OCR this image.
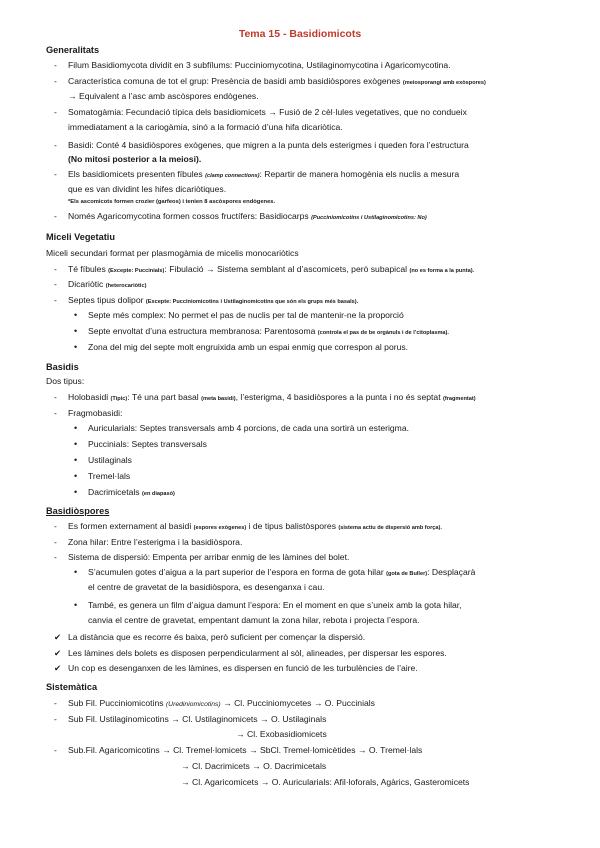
Tema 15 - Basidiomicots
Generalitats
-	Filum Basidiomycota dividit en 3 subfílums: Pucciniomycotina, Ustilaginomycotina i Agaricomycotina.
-	Característica comuna de tot el grup: Presència de basidi amb basidiòspores exògenes (meiosporangi amb exòspores)
→ Equivalent a l’asc amb ascòspores endògenes.
-	Somatogàmia: Fecundació típica dels basidiomicets → Fusió de 2 cèl·lules vegetatives, que no condueix
immediatament a la cariogàmia, sinó a la formació d’una hifa dicariòtica.
-	Basidi: Conté 4 basidiòspores exògenes, que migren a la punta dels esterigmes i queden fora l’estructura
(No mitosi posterior a la meiosi).
-	Els basidiomicets presenten fíbules (clamp connections): Repartir de manera homogènia els nuclis a mesura
que es van dividint les hifes dicariòtiques.
*Els ascomicots formen crozier (garfeos) i tenien 8 ascòspores endògenes.
-	Només Agaricomycotina formen cossos fructífers: Basidiocarps (Pucciniomicotins i Ustilaginomicotins: No)
Miceli Vegetatiu
Miceli secundari format per plasmogàmia de micelis monocariòtics
-	Té fíbules (Excepte: Puccinials): Fibulació → Sistema semblant al d’ascomicets, però subapical (no es forma a la punta).
-	Dicariòtic (heterocariòtic)
-	Septes tipus dolipor (Excepte: Pucciniomicotins i Ustilaginomicotins que són els grups més basals).
• Septe més complex: No permet el pas de nuclis per tal de mantenir-ne la proporció
• Septe envoltat d’una estructura membranosa: Parentosoma (controla el pas de be orgànuls i de l’citoplasma).
• Zona del mig del septe molt engruixida amb un espai enmig que correspon al porus.
Basidis
Dos tipus:
-	Holobasidi (Tipic): Té una part basal (meta basidi), l’esterigma, 4 basidiòspores a la punta i no és septat (fragmentat)
-	Fragmobasidi:
• Auricularials: Septes transversals amb 4 porcions, de cada una sortirà un esterigma.
• Puccinials: Septes transversals
• Ustilaginals
• Tremel·lals
• Dacrimicetals (en diapasó)
Basidiòspores
-	Es formen externament al basidi (espores exògenes) i de tipus balistòspores (sistema actiu de dispersió amb força).
-	Zona hilar: Entre l’esterigma i la basidiòspora.
-	Sistema de dispersió: Empenta per arribar enmig de les làmines del bolet.
• S’acumulen gotes d’aigua a la part superior de l’espora en forma de gota hilar (gota de Buller): Desplaçarà
el centre de gravetat de la basidiòspora, es desenganxa i cau.
• També, es genera un film d’aigua damunt l’espora: En el moment en que s’uneix amb la gota hilar,
canvia el centre de gravetat, empentant damunt la zona hilar, rebota i projecta l’espora.
✔ La distància que es recorre és baixa, però suficient per començar la dispersió.
✔ Les làmines dels bolets es disposen perpendicularment al sòl, alineades, per dispersar les espores.
✔ Un cop es desenganxen de les làmines, es dispersen en funció de les turbulències de l’aire.
Sistemàtica
-	Sub Fil. Pucciniomicotins (Urediniomicotins) → Cl. Pucciniomycetes → O. Puccinials
-	Sub Fil. Ustilaginomicotins → Cl. Ustilaginomicets → O. Ustilaginals
→ Cl. Exobasidiomicets
-	Sub.Fil. Agaricomicotins → Cl. Tremel·lomicets → SbCl. Tremel·lomicètides → O. Tremel·lals
→ Cl. Dacrimicets → O. Dacrimicetals
→ Cl. Agaricomicets → O. Auricularials: Afil·loforals, Agàrics, Gasteromicets
